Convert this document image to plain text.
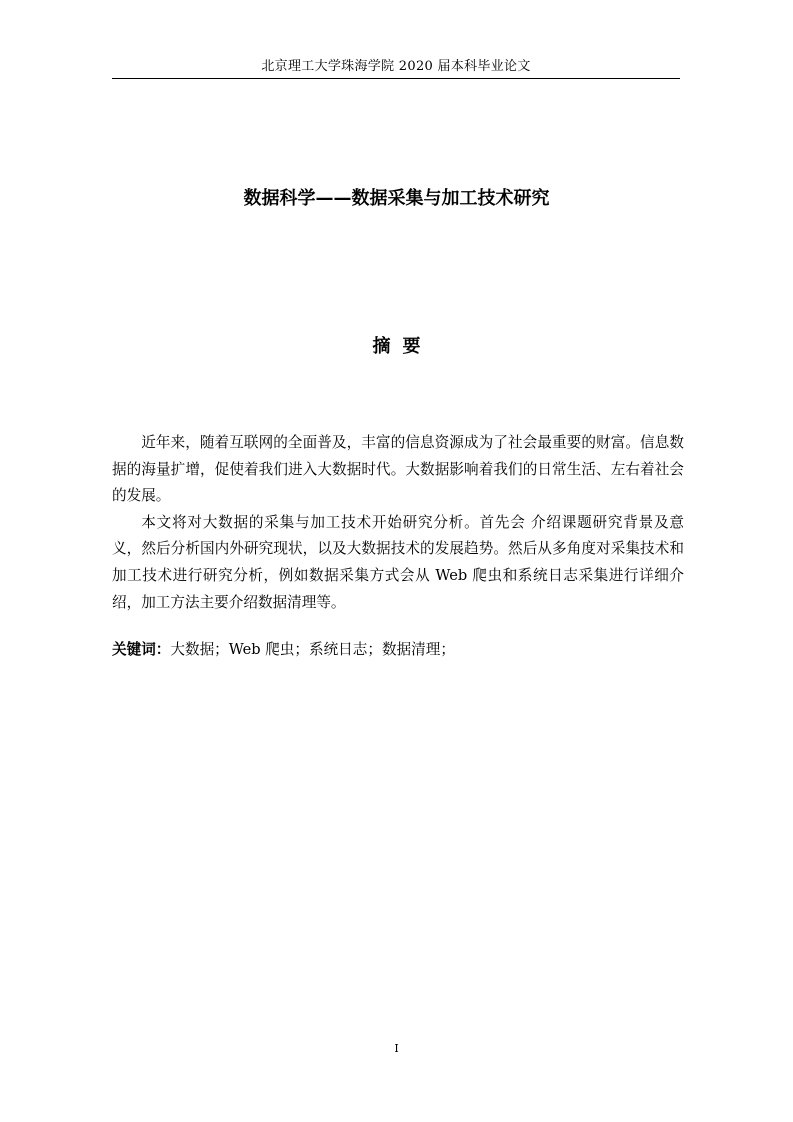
北京理工大学珠海学院 2020 届本科毕业论文
数据科学——数据采集与加工技术研究
摘要

近年来，随着互联网的全面普及，丰富的信息资源成为了社会最重要的财富。信息数据的海量扩增，促使着我们进入大数据时代。大数据影响着我们的日常生活、左右着社会的发展。

本文将对大数据的采集与加工技术开始研究分析。首先会 介绍课题研究背景及意义，然后分析国内外研究现状，以及大数据技术的发展趋势。然后从多角度对采集技术和加工技术进行研究分析，例如数据采集方式会从 Web 爬虫和系统日志采集进行详细介绍，加工方法主要介绍数据清理等。

关键词：大数据；Web 爬虫；系统日志；数据清理；
I
